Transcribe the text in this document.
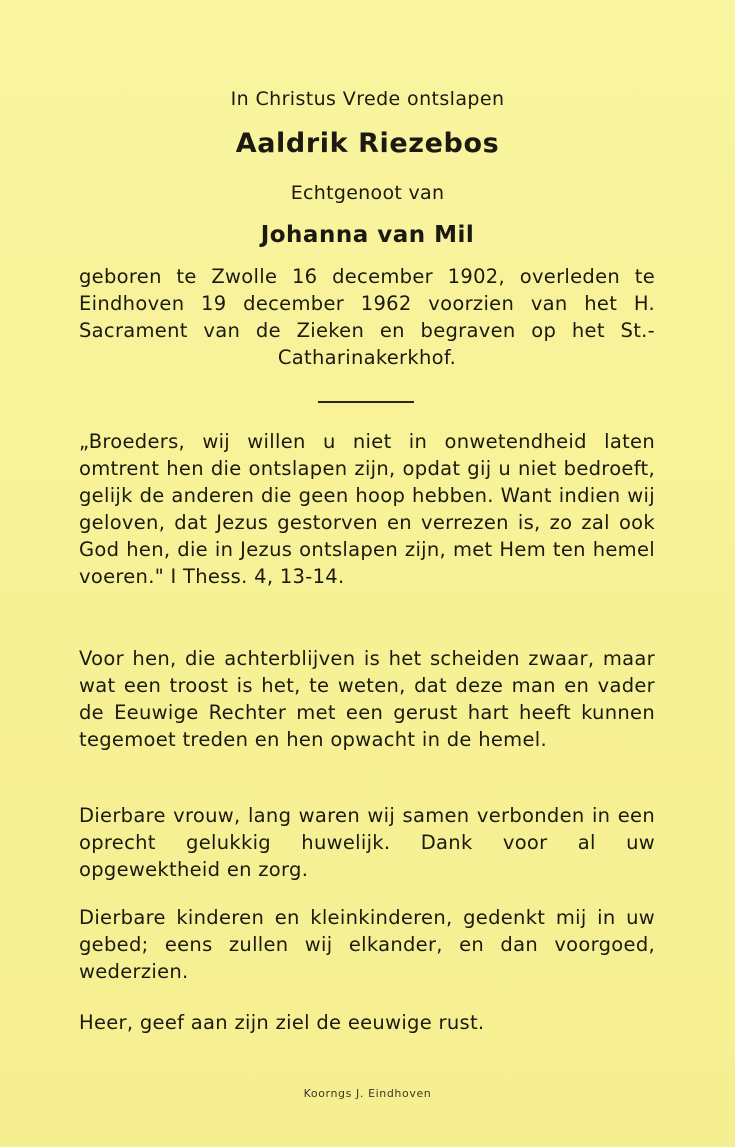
In Christus Vrede ontslapen
Aaldrik Riezebos
Echtgenoot van
Johanna van Mil

geboren te Zwolle 16 december 1902, overleden te Eindhoven 19 december 1962 voorzien van het H. Sacrament van de Zieken en begraven op het St.-Catharinakerkhof.

„Broeders, wij willen u niet in onwetendheid laten omtrent hen die ontslapen zijn, opdat gij u niet bedroeft, gelijk de anderen die geen hoop hebben. Want indien wij geloven, dat Jezus gestorven en verrezen is, zo zal ook God hen, die in Jezus ontslapen zijn, met Hem ten hemel voeren." I Thess. 4, 13-14.

Voor hen, die achterblijven is het scheiden zwaar, maar wat een troost is het, te weten, dat deze man en vader de Eeuwige Rechter met een gerust hart heeft kunnen tegemoet treden en hen opwacht in de hemel.

Dierbare vrouw, lang waren wij samen verbonden in een oprecht gelukkig huwelijk. Dank voor al uw opgewektheid en zorg.

Dierbare kinderen en kleinkinderen, gedenkt mij in uw gebed; eens zullen wij elkander, en dan voorgoed, wederzien.

Heer, geef aan zijn ziel de eeuwige rust.

Koorngs J. Eindhoven
